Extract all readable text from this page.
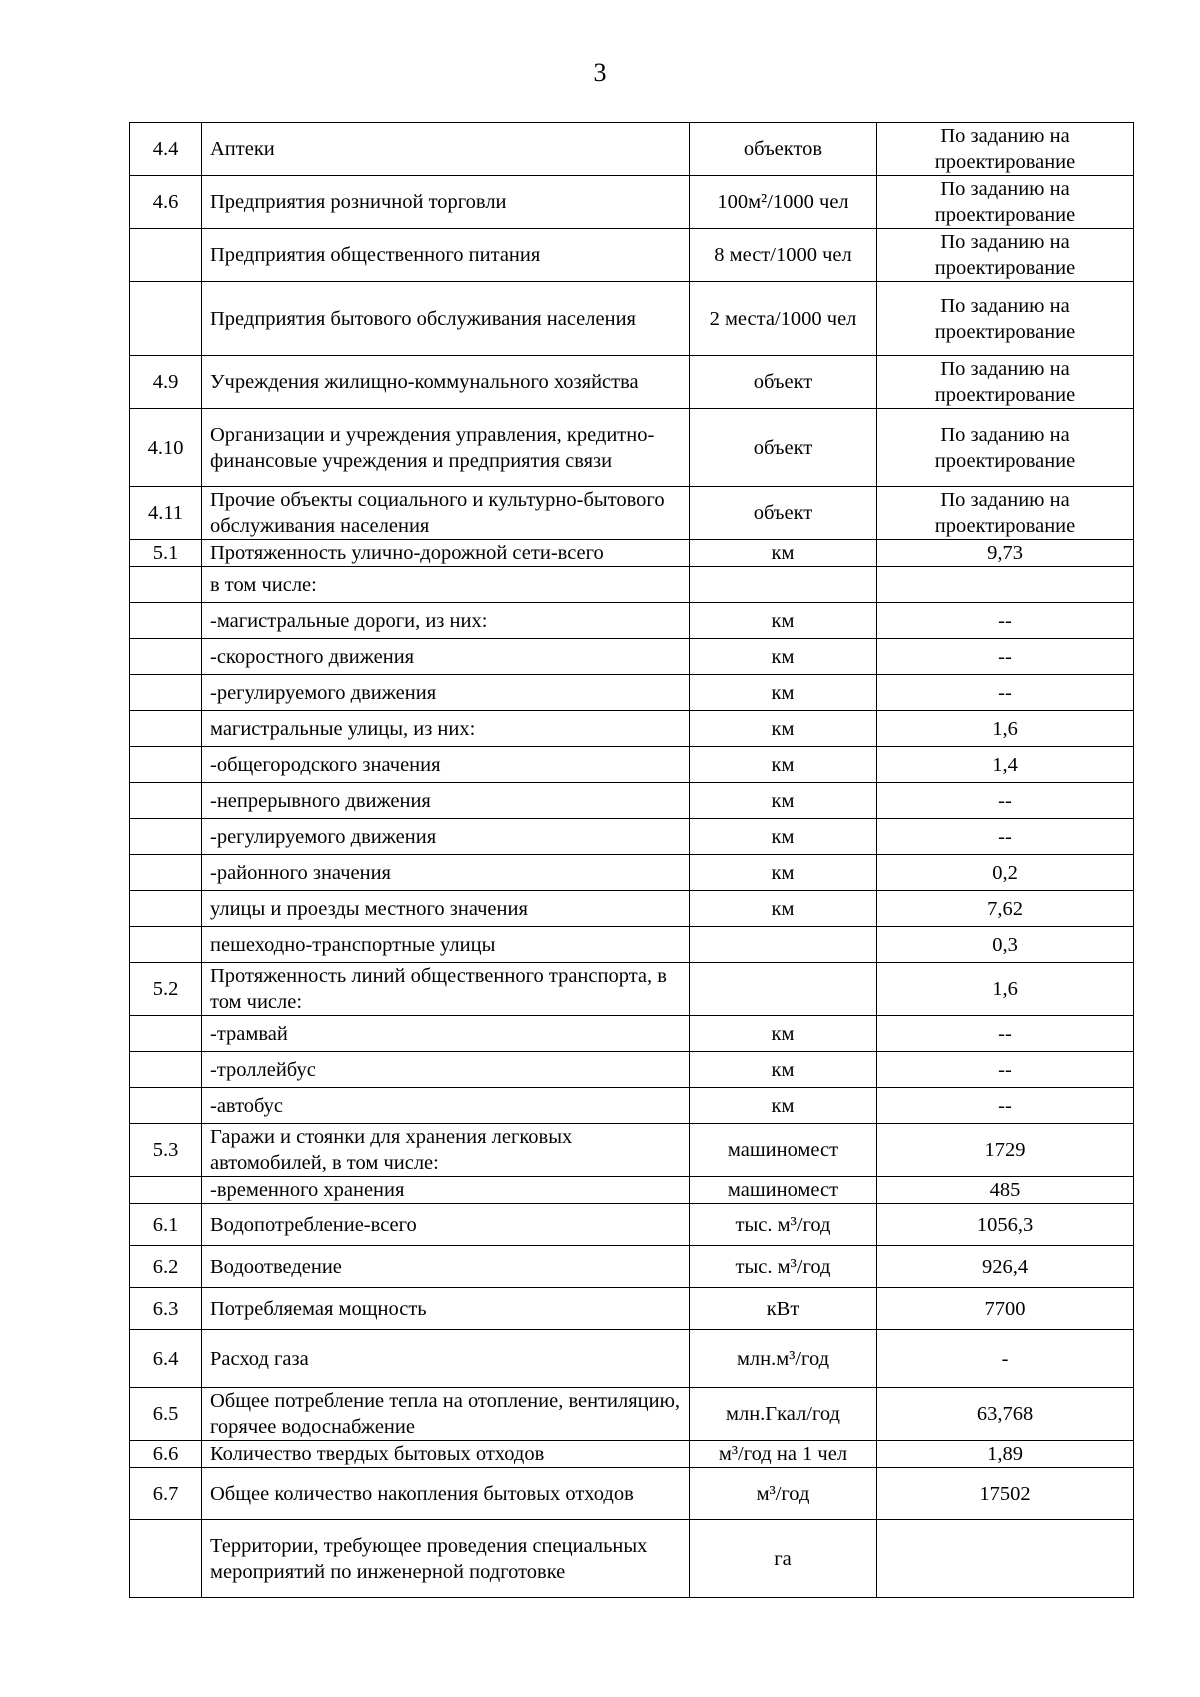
3
4.4	Аптеки	объектов	По заданию на проектирование
4.6	Предприятия розничной торговли	100м²/1000 чел	По заданию на проектирование
	Предприятия общественного питания	8 мест/1000 чел	По заданию на проектирование
	Предприятия бытового обслуживания населения	2 места/1000 чел	По заданию на проектирование
4.9	Учреждения жилищно-коммунального хозяйства	объект	По заданию на проектирование
4.10	Организации и учреждения управления, кредитно-финансовые учреждения и предприятия связи	объект	По заданию на проектирование
4.11	Прочие объекты социального и культурно-бытового обслуживания населения	объект	По заданию на проектирование
5.1	Протяженность улично-дорожной сети-всего	км	9,73
	в том числе:		
	-магистральные дороги, из них:	км	--
	-скоростного движения	км	--
	-регулируемого движения	км	--
	магистральные улицы, из них:	км	1,6
	-общегородского значения	км	1,4
	-непрерывного движения	км	--
	-регулируемого движения	км	--
	-районного значения	км	0,2
	улицы и проезды местного значения	км	7,62
	пешеходно-транспортные улицы		0,3
5.2	Протяженность линий общественного транспорта, в том числе:		1,6
	-трамвай	км	--
	-троллейбус	км	--
	-автобус	км	--
5.3	Гаражи и стоянки для хранения легковых автомобилей, в том числе:	машиномест	1729
	-временного хранения	машиномест	485
6.1	Водопотребление-всего	тыс. м³/год	1056,3
6.2	Водоотведение	тыс. м³/год	926,4
6.3	Потребляемая мощность	кВт	7700
6.4	Расход газа	млн.м³/год	-
6.5	Общее потребление тепла на отопление, вентиляцию, горячее водоснабжение	млн.Гкал/год	63,768
6.6	Количество твердых бытовых отходов	м³/год на 1 чел	1,89
6.7	Общее количество накопления бытовых отходов	м³/год	17502
	Территории, требующее проведения специальных мероприятий по инженерной подготовке	га	
